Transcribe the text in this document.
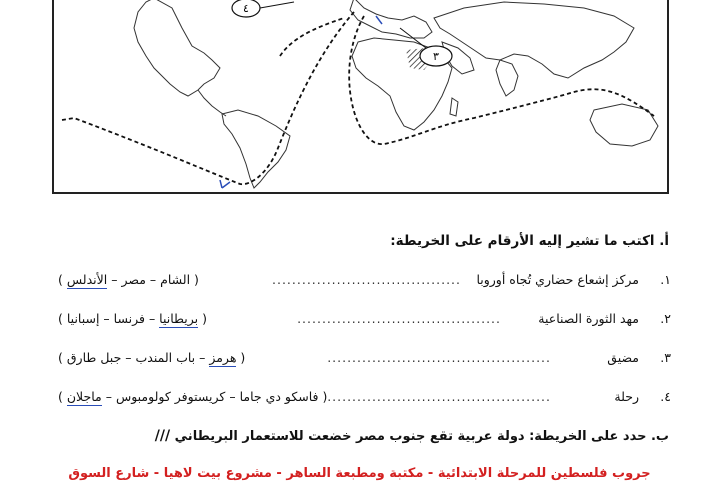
٤
٣
أ. اكتب ما تشير إليه الأرقام على الخريطة:
١.
مركز إشعاع حضاري تُجاه أوروبا
......................................
( الشام – مصر – الأندلس )
٢.
مهد الثورة الصناعية
.........................................
( بريطانيا – فرنسا – إسبانيا )
٣.
مضيق
.............................................
( هرمز – باب المندب – جبل طارق )
٤.
رحلة
.............................................
( فاسكو دي جاما – كريستوفر كولومبوس – ماجلان )
ب. حدد على الخريطة: دولة عربية تقع جنوب مصر خضعت للاستعمار البريطاني ///
جروب فلسطين للمرحلة الابتدائية - مكتبة ومطبعة الساهر - مشروع بيت لاهيا - شارع السوق
